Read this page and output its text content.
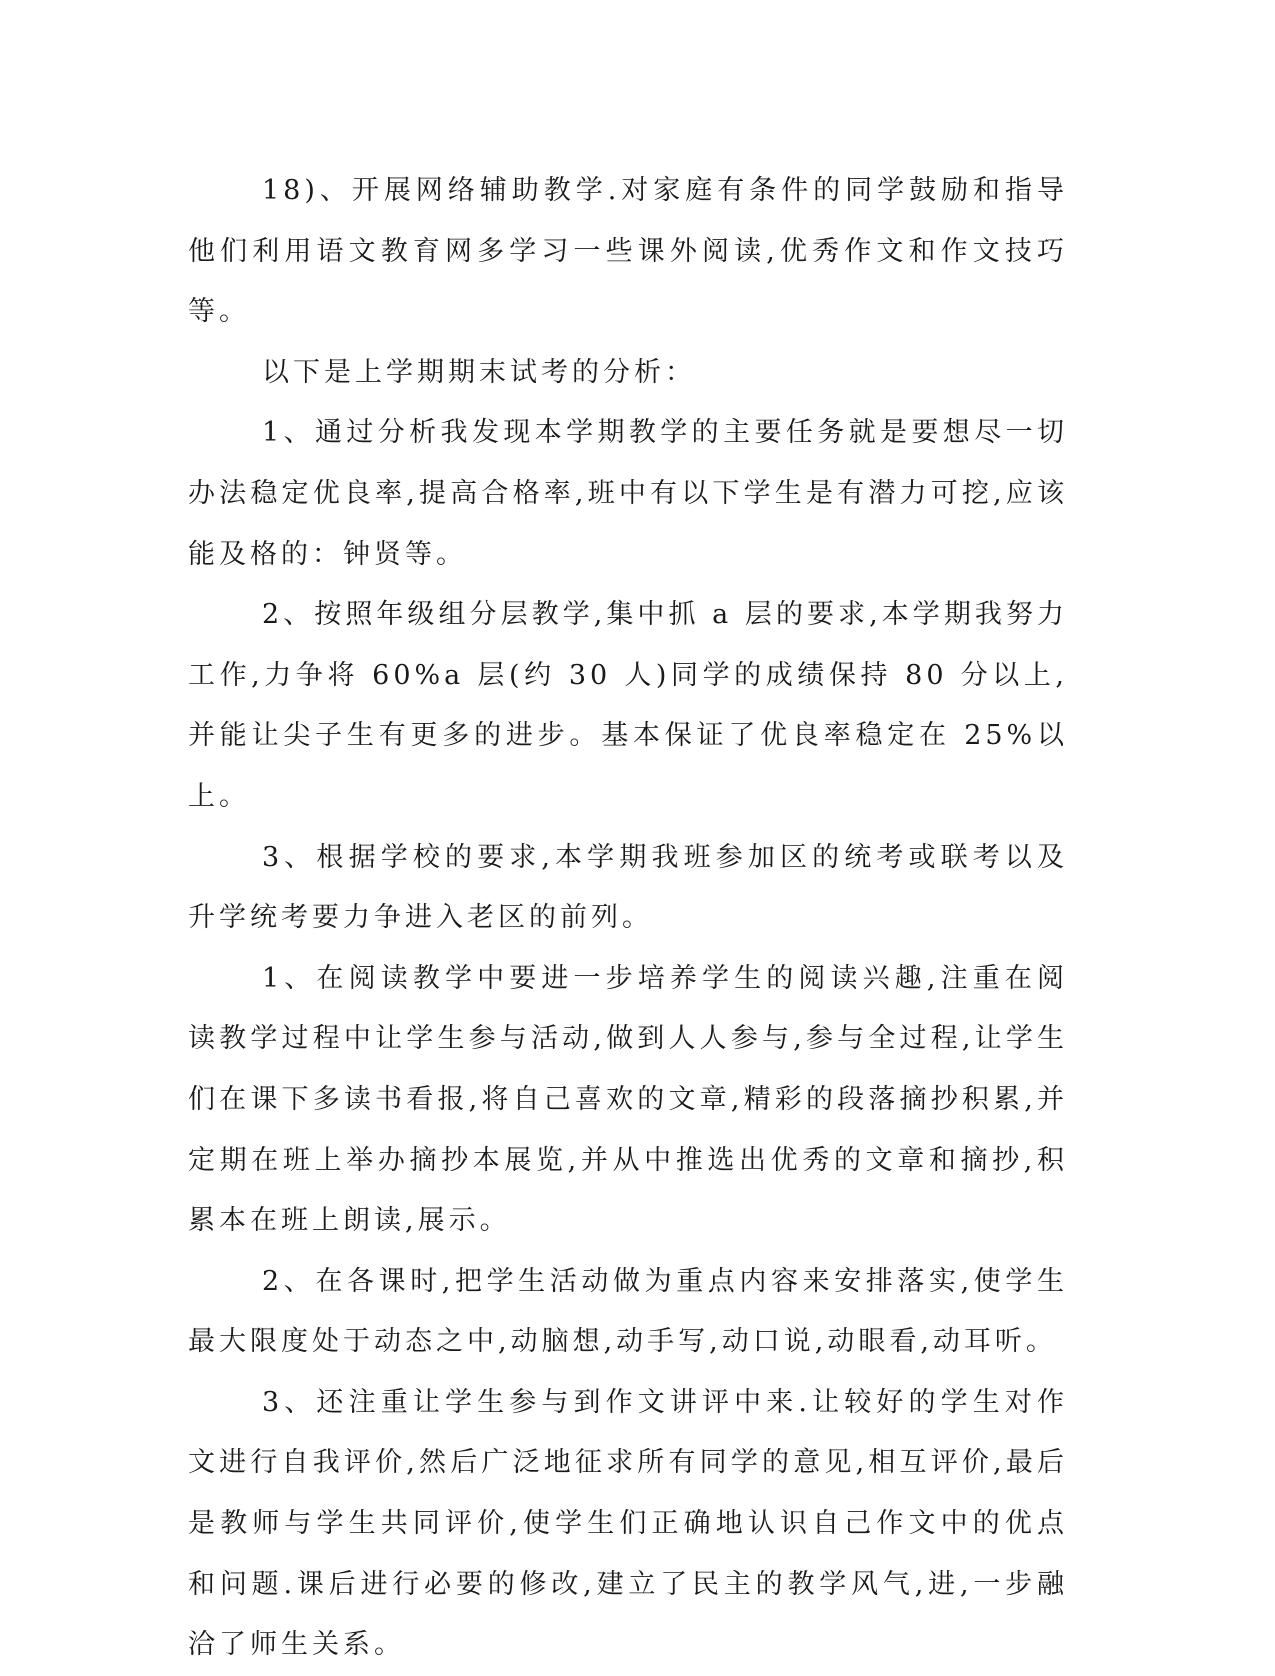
18)、开展网络辅助教学.对家庭有条件的同学鼓励和指导他们利用语文教育网多学习一些课外阅读,优秀作文和作文技巧等。

以下是上学期期末试考的分析：

1、通过分析我发现本学期教学的主要任务就是要想尽一切办法稳定优良率,提高合格率,班中有以下学生是有潜力可挖,应该能及格的：钟贤等。

2、按照年级组分层教学,集中抓 a 层的要求,本学期我努力工作,力争将 60%a 层(约 30 人)同学的成绩保持 80 分以上,并能让尖子生有更多的进步。基本保证了优良率稳定在 25%以上。

3、根据学校的要求,本学期我班参加区的统考或联考以及升学统考要力争进入老区的前列。

1、在阅读教学中要进一步培养学生的阅读兴趣,注重在阅读教学过程中让学生参与活动,做到人人参与,参与全过程,让学生们在课下多读书看报,将自己喜欢的文章,精彩的段落摘抄积累,并定期在班上举办摘抄本展览,并从中推选出优秀的文章和摘抄,积累本在班上朗读,展示。

2、在各课时,把学生活动做为重点内容来安排落实,使学生最大限度处于动态之中,动脑想,动手写,动口说,动眼看,动耳听。

3、还注重让学生参与到作文讲评中来.让较好的学生对作文进行自我评价,然后广泛地征求所有同学的意见,相互评价,最后是教师与学生共同评价,使学生们正确地认识自己作文中的优点和问题.课后进行必要的修改,建立了民主的教学风气,进,一步融洽了师生关系。
